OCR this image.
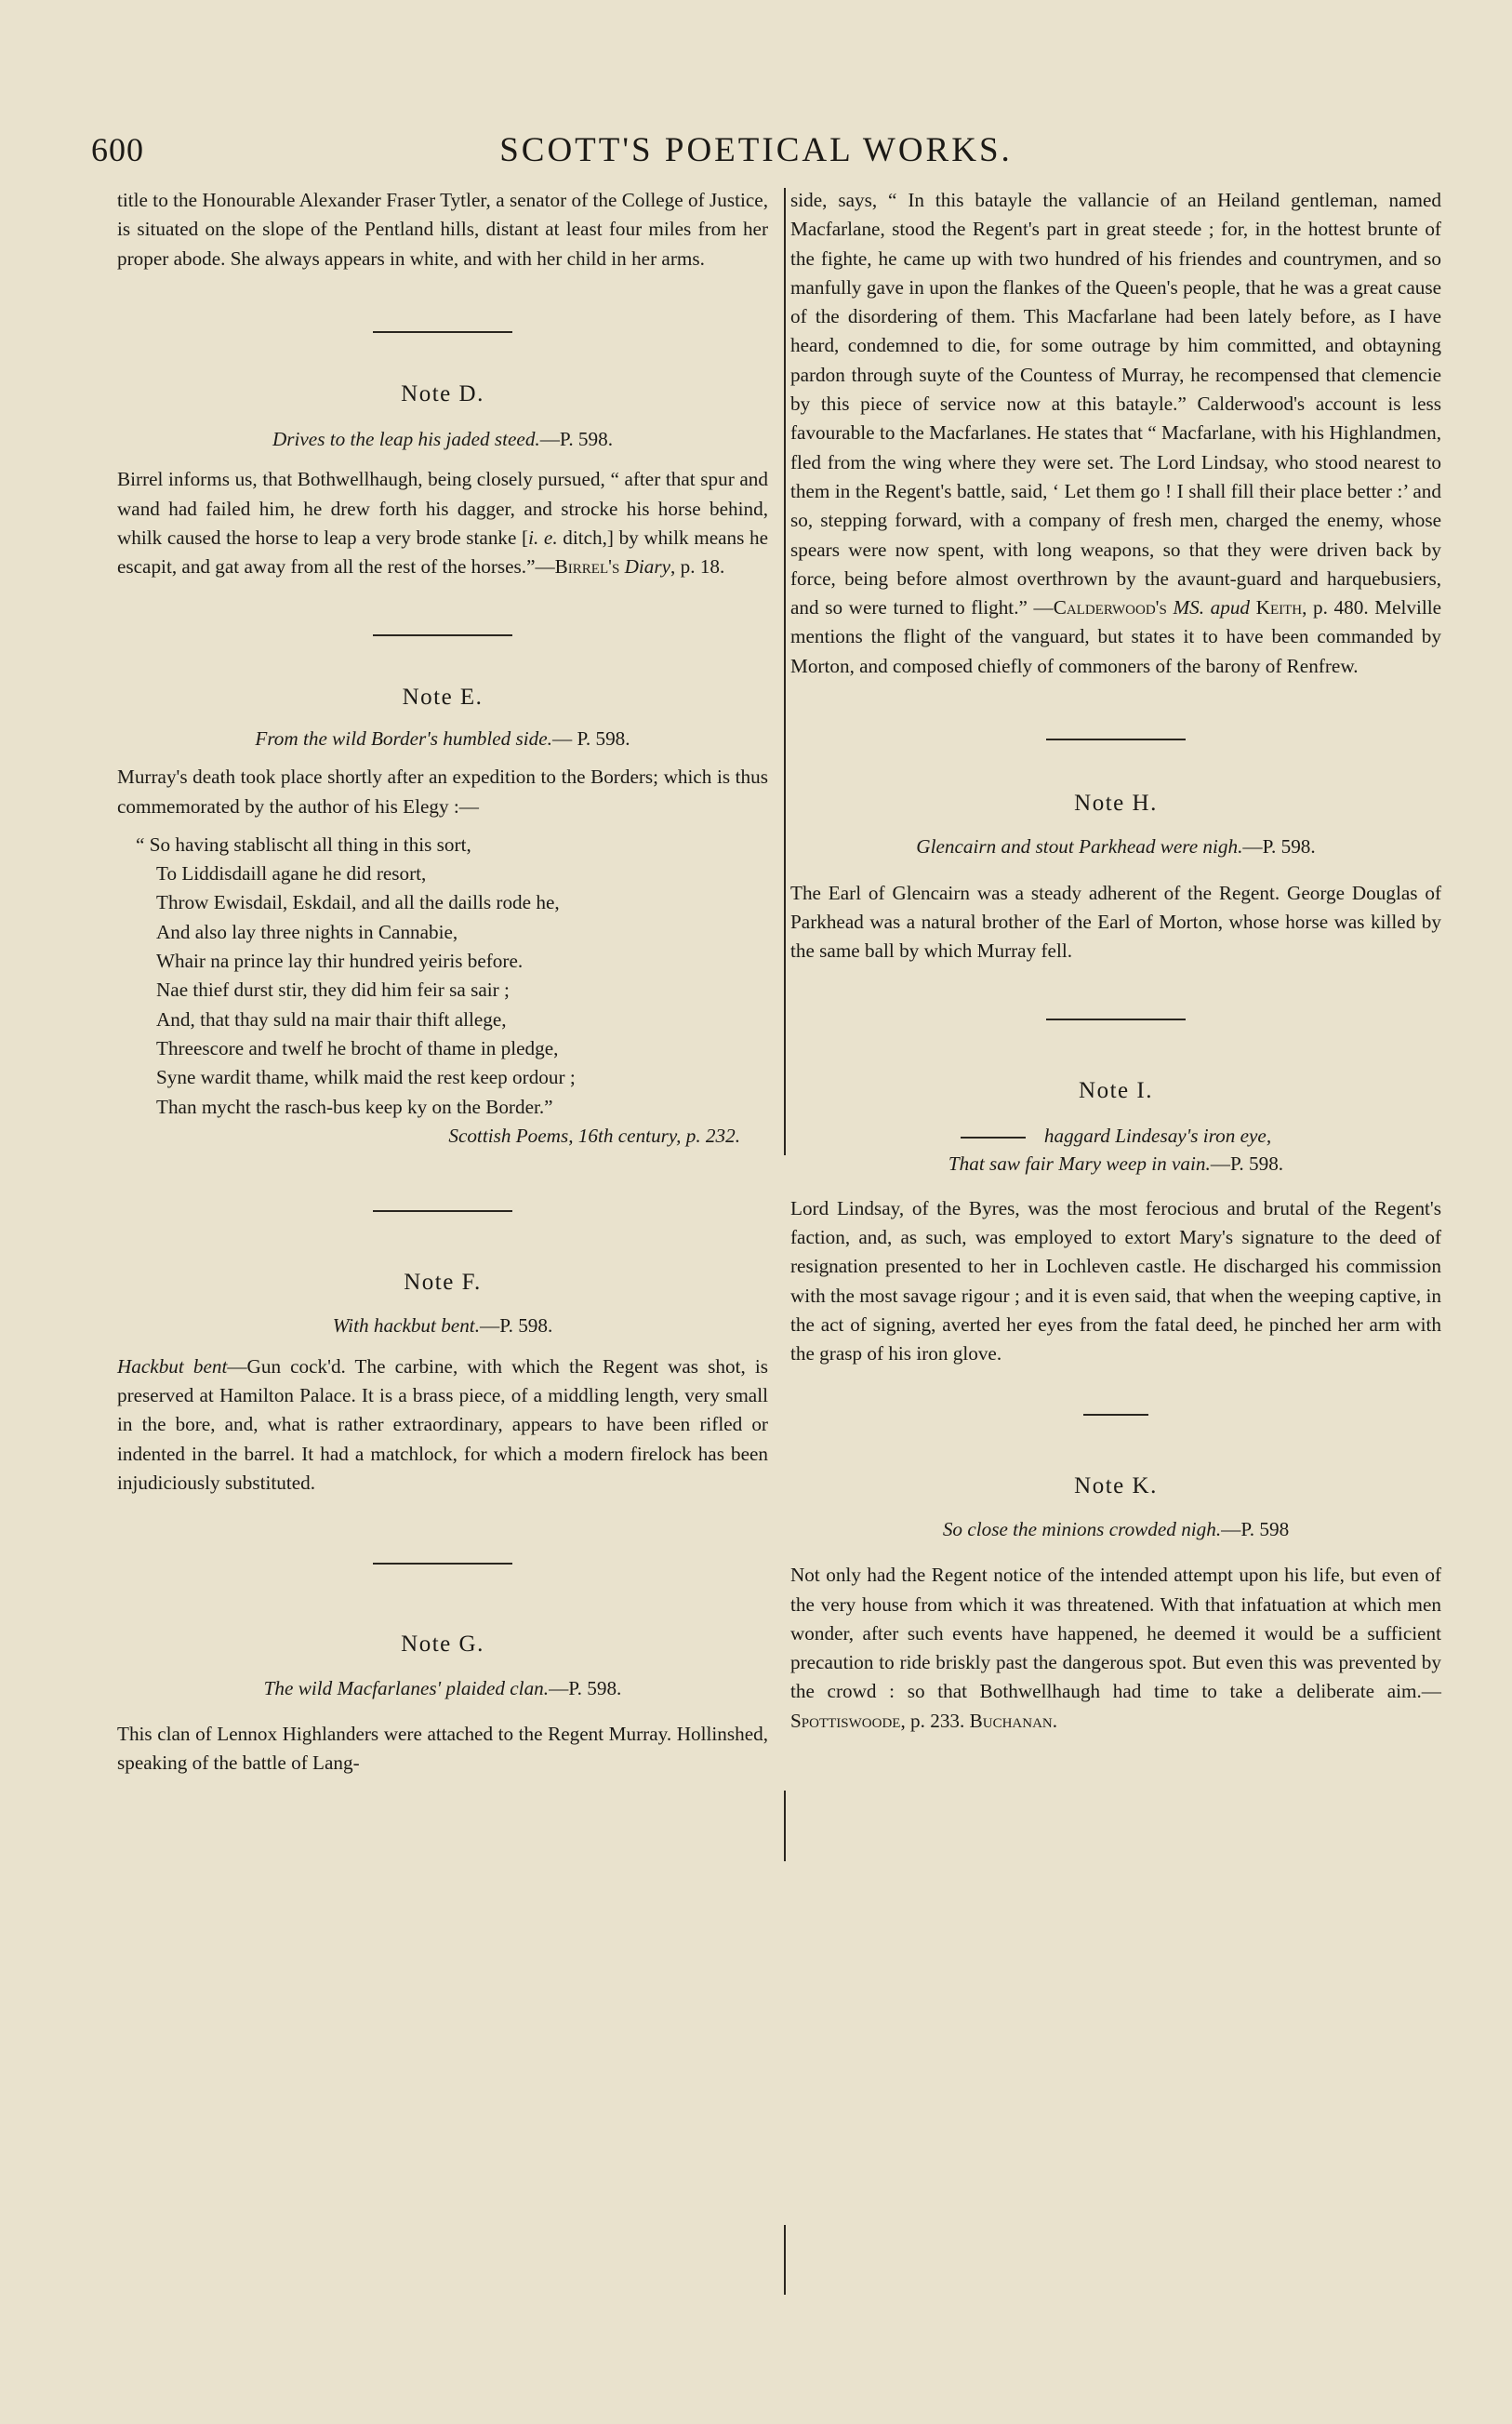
600	SCOTT'S POETICAL WORKS.

title to the Honourable Alexander Fraser Tytler, a senator of the College of Justice, is situated on the slope of the Pentland hills, distant at least four miles from her proper abode. She always appears in white, and with her child in her arms.

Note D.
Drives to the leap his jaded steed.—P. 598.

Birrel informs us, that Bothwellhaugh, being closely pursued, “ after that spur and wand had failed him, he drew forth his dagger, and strocke his horse behind, whilk caused the horse to leap a very brode stanke [i. e. ditch,] by whilk means he escapit, and gat away from all the rest of the horses.”—Birrel's Diary, p. 18.

Note E.
From the wild Border's humbled side.— P. 598.

Murray's death took place shortly after an expedition to the Borders; which is thus commemorated by the author of his Elegy :—

“ So having stablischt all thing in this sort,
To Liddisdaill agane he did resort,
Throw Ewisdail, Eskdail, and all the daills rode he,
And also lay three nights in Cannabie,
Whair na prince lay thir hundred yeiris before.
Nae thief durst stir, they did him feir sa sair ;
And, that thay suld na mair thair thift allege,
Threescore and twelf he brocht of thame in pledge,
Syne wardit thame, whilk maid the rest keep ordour ;
Than mycht the rasch-bus keep ky on the Border.”
Scottish Poems, 16th century, p. 232.
Note F.
With hackbut bent.—P. 598.

Hackbut bent—Gun cock'd. The carbine, with which the Regent was shot, is preserved at Hamilton Palace. It is a brass piece, of a middling length, very small in the bore, and, what is rather extraordinary, appears to have been rifled or indented in the barrel. It had a matchlock, for which a modern firelock has been injudiciously substituted.

Note G.
The wild Macfarlanes' plaided clan.—P. 598.

This clan of Lennox Highlanders were attached to the Regent Murray. Hollinshed, speaking of the battle of Lang-

side, says, “ In this batayle the vallancie of an Heiland gentleman, named Macfarlane, stood the Regent's part in great steede ; for, in the hottest brunte of the fighte, he came up with two hundred of his friendes and countrymen, and so manfully gave in upon the flankes of the Queen's people, that he was a great cause of the disordering of them. This Macfarlane had been lately before, as I have heard, condemned to die, for some outrage by him committed, and obtayning pardon through suyte of the Countess of Murray, he recompensed that clemencie by this piece of service now at this batayle.” Calderwood's account is less favourable to the Macfarlanes. He states that “ Macfarlane, with his Highlandmen, fled from the wing where they were set. The Lord Lindsay, who stood nearest to them in the Regent's battle, said, ‘ Let them go ! I shall fill their place better :’ and so, stepping forward, with a company of fresh men, charged the enemy, whose spears were now spent, with long weapons, so that they were driven back by force, being before almost overthrown by the avaunt-guard and harquebusiers, and so were turned to flight.” —Calderwood's MS. apud Keith, p. 480. Melville mentions the flight of the vanguard, but states it to have been commanded by Morton, and composed chiefly of commoners of the barony of Renfrew.

Note H.
Glencairn and stout Parkhead were nigh.—P. 598.

The Earl of Glencairn was a steady adherent of the Regent. George Douglas of Parkhead was a natural brother of the Earl of Morton, whose horse was killed by the same ball by which Murray fell.

Note I.
haggard Lindesay's iron eye,
That saw fair Mary weep in vain.—P. 598.

Lord Lindsay, of the Byres, was the most ferocious and brutal of the Regent's faction, and, as such, was employed to extort Mary's signature to the deed of resignation presented to her in Lochleven castle. He discharged his commission with the most savage rigour ; and it is even said, that when the weeping captive, in the act of signing, averted her eyes from the fatal deed, he pinched her arm with the grasp of his iron glove.

Note K.
So close the minions crowded nigh.—P. 598

Not only had the Regent notice of the intended attempt upon his life, but even of the very house from which it was threatened. With that infatuation at which men wonder, after such events have happened, he deemed it would be a sufficient precaution to ride briskly past the dangerous spot. But even this was prevented by the crowd : so that Bothwellhaugh had time to take a deliberate aim.—Spottiswoode, p. 233. Buchanan.
